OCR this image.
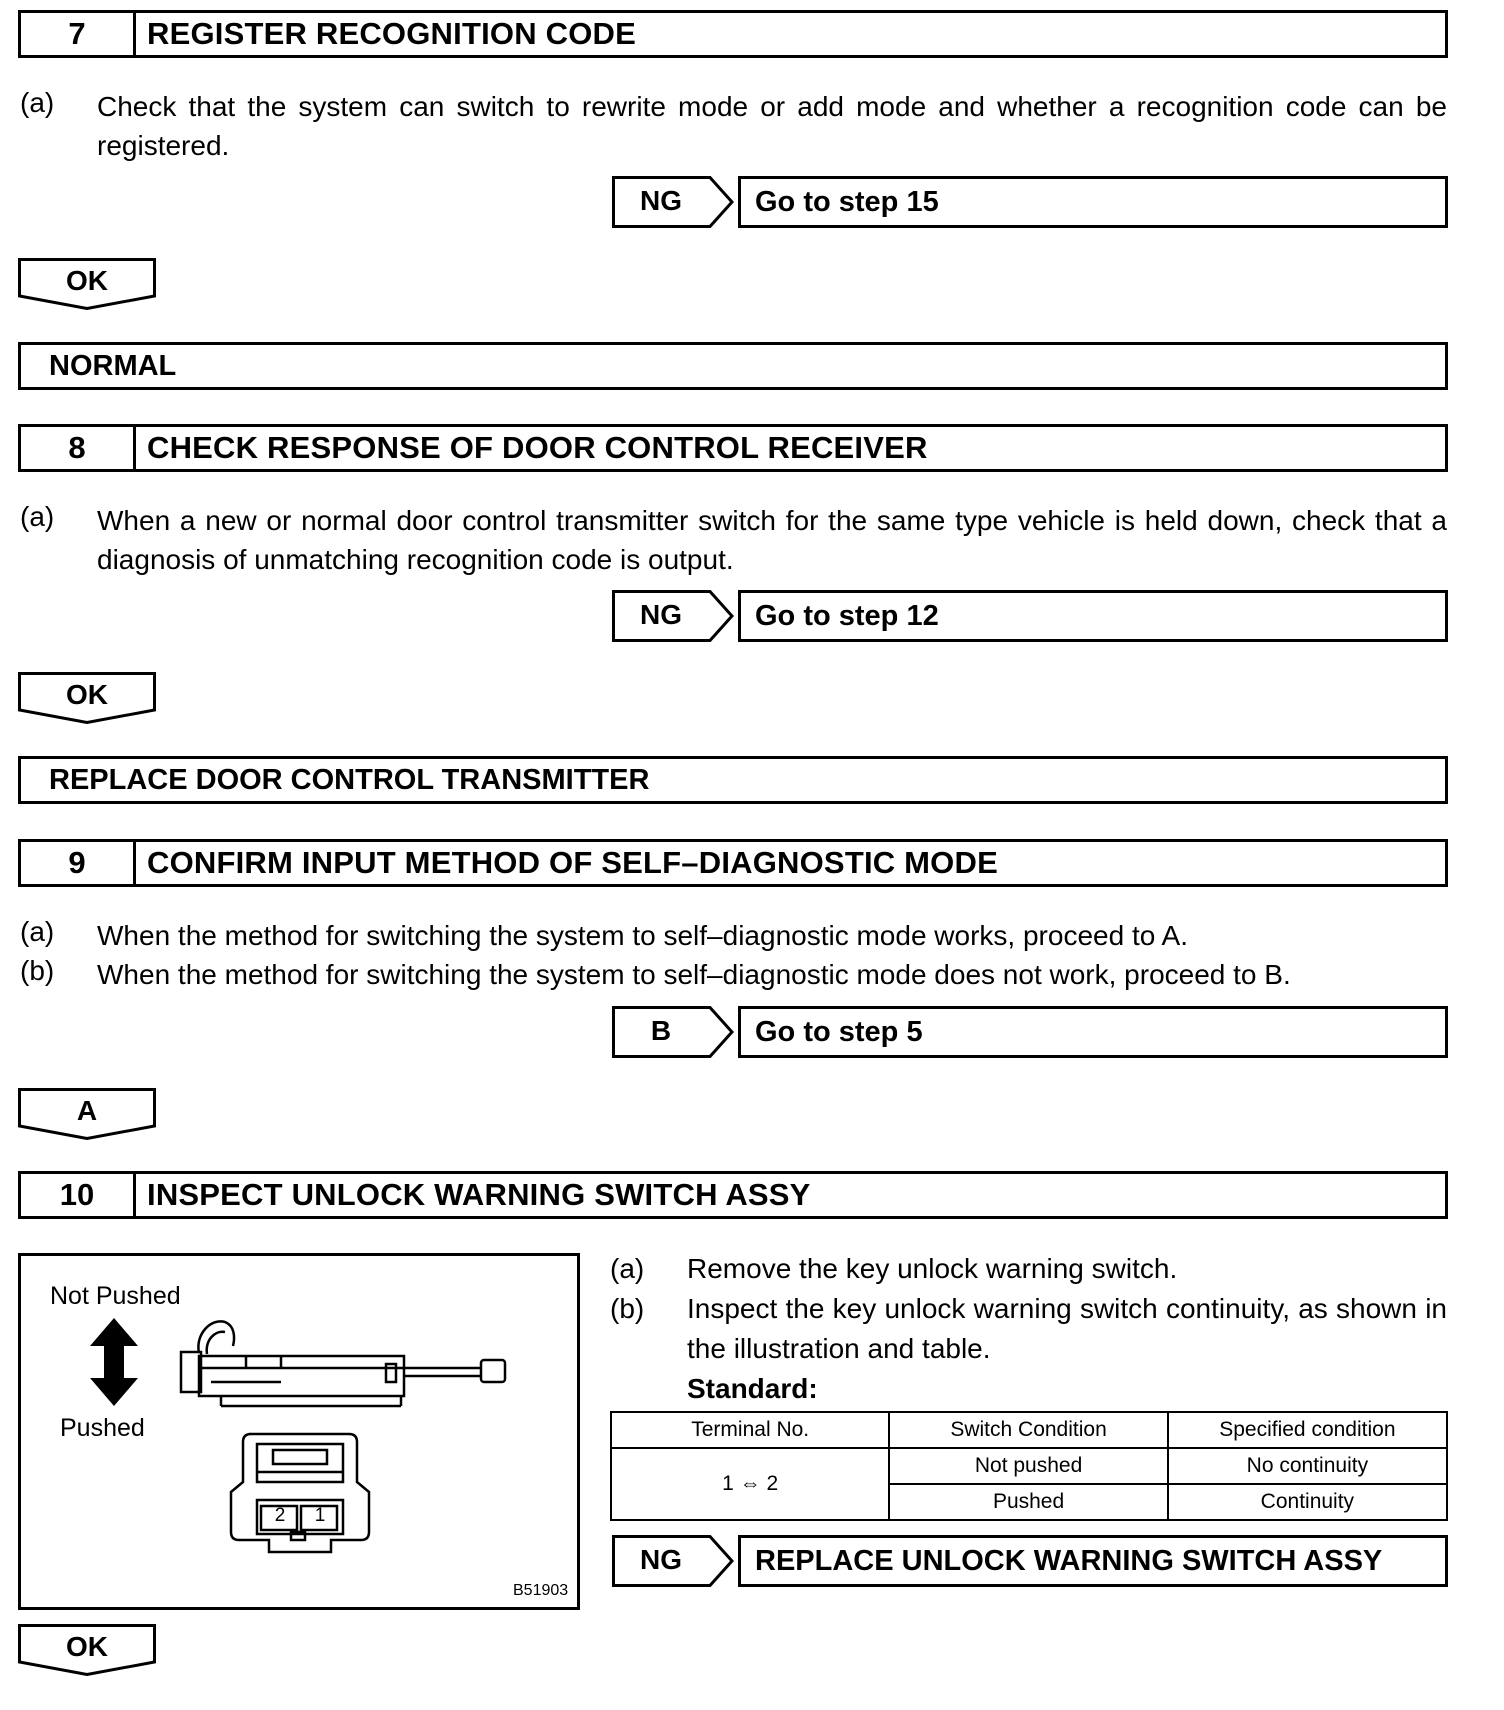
7	REGISTER RECOGNITION CODE
(a) Check that the system can switch to rewrite mode or add mode and whether a recognition code can be registered.
NG	Go to step 15
OK
NORMAL
8	CHECK RESPONSE OF DOOR CONTROL RECEIVER
(a) When a new or normal door control transmitter switch for the same type vehicle is held down, check that a diagnosis of unmatching recognition code is output.
NG	Go to step 12
OK
REPLACE DOOR CONTROL TRANSMITTER
9	CONFIRM INPUT METHOD OF SELF–DIAGNOSTIC MODE
(a) When the method for switching the system to self–diagnostic mode works, proceed to A.
(b) When the method for switching the system to self–diagnostic mode does not work, proceed to B.
B	Go to step 5
A
10	INSPECT UNLOCK WARNING SWITCH ASSY
Not Pushed
Pushed
2	1
B51903
(a) Remove the key unlock warning switch.
(b) Inspect the key unlock warning switch continuity, as shown in the illustration and table.
Standard:
Terminal No.	Switch Condition	Specified condition
1 ⇔ 2	Not pushed	No continuity
	Pushed	Continuity
NG	REPLACE UNLOCK WARNING SWITCH ASSY
OK
